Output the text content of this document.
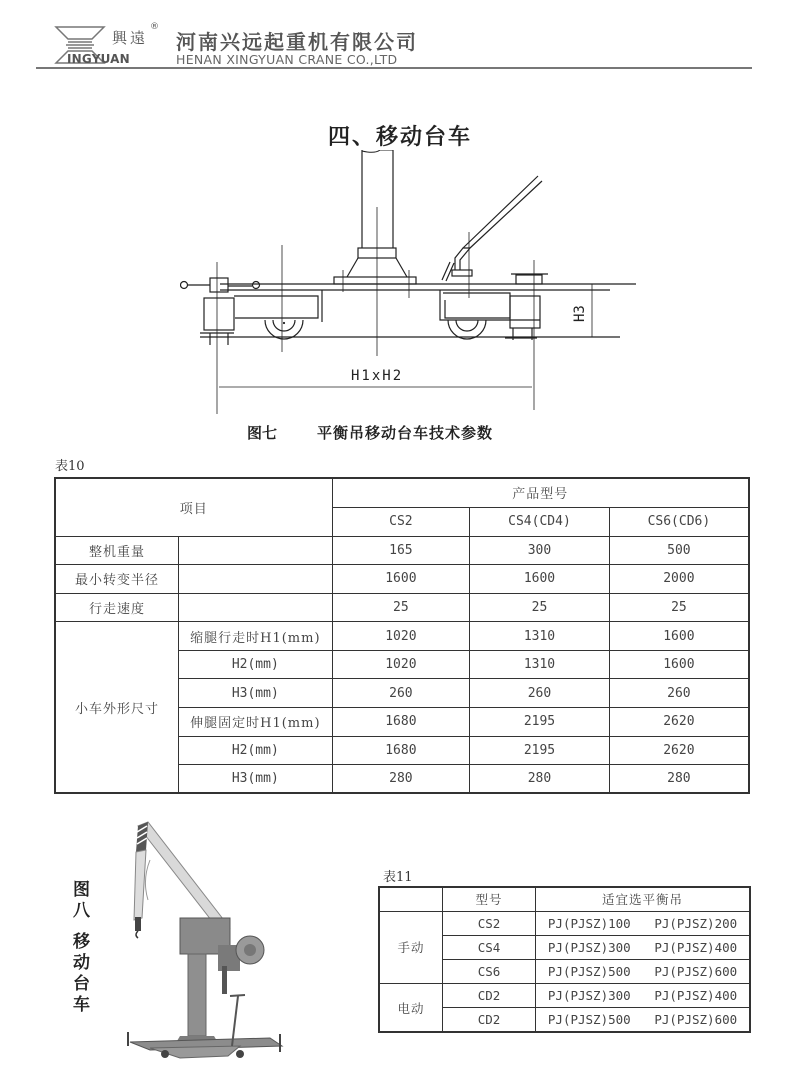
興遠
®
INGYUAN
河南兴远起重机有限公司
HENAN XINGYUAN CRANE CO.,LTD
四、移动台车
H1xH2
H3
图七	平衡吊移动台车技术参数
表10
项目		产品型号		
		CS2	CS4(CD4)	CS6(CD6)
整机重量		165	300	500
最小转变半径		1600	1600	2000
行走速度		25	25	25
小车外形尺寸	缩腿行走时H1(mm)	1020	1310	1600
	H2(mm)	1020	1310	1600
	H3(mm)	260	260	260
	伸腿固定时H1(mm)	1680	2195	2620
	H2(mm)	1680	2195	2620
	H3(mm)	280	280	280
图
八
移
动
台
车
表11
	型号	适宜选平衡吊
手动	CS2	PJ(PJSZ)100 PJ(PJSZ)200

	CS4	PJ(PJSZ)300 PJ(PJSZ)400

	CS6	PJ(PJSZ)500 PJ(PJSZ)600

电动	CD2	PJ(PJSZ)300 PJ(PJSZ)400

	CD2	PJ(PJSZ)500 PJ(PJSZ)600
